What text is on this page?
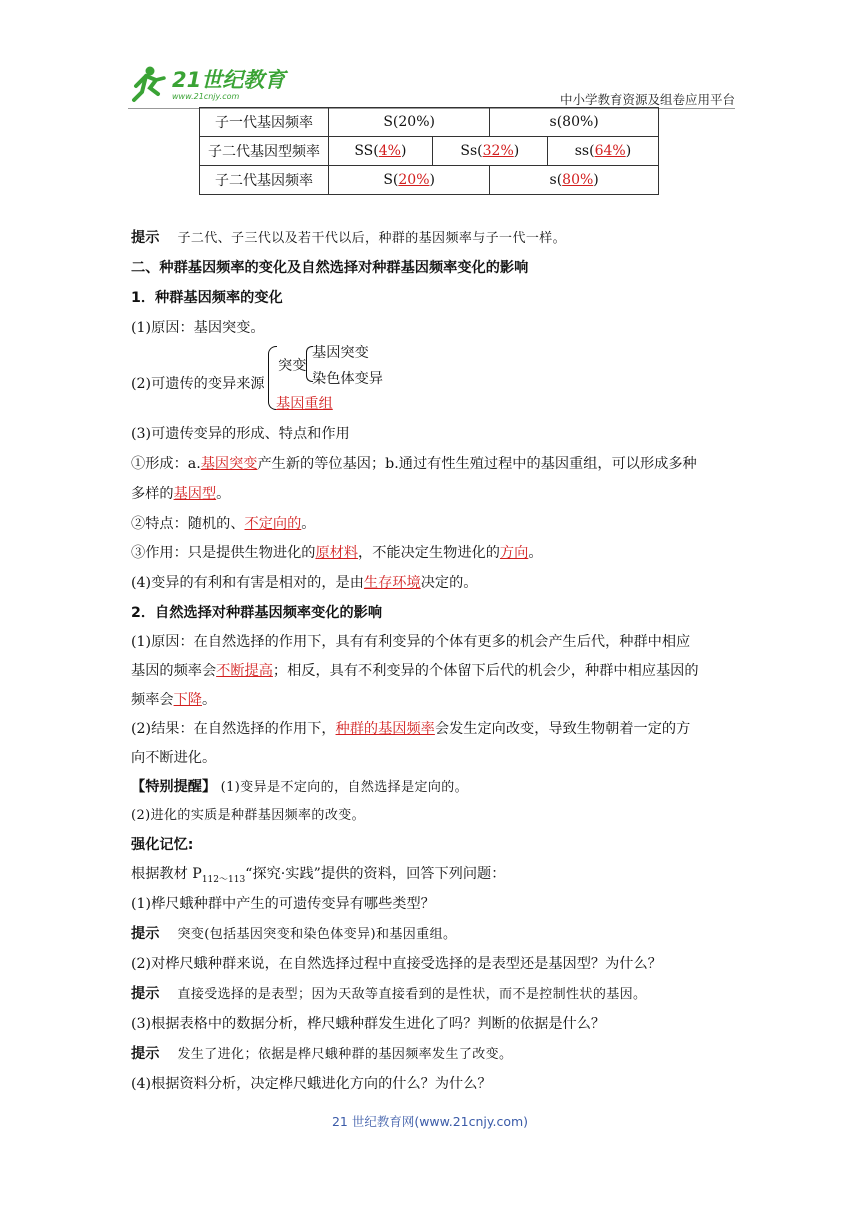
21世纪教育
www.21cnjy.com	中小学教育资源及组卷应用平台
子一代基因频率	S(20%)		s(80%)	
子二代基因型频率	SS(4%)	Ss(32%)		ss(64%)
子二代基因频率	S(20%)		s(80%)	
提示 子二代、子三代以及若干代以后，种群的基因频率与子一代一样。
二、种群基因频率的变化及自然选择对种群基因频率变化的影响
1．种群基因频率的变化
(1)原因：基因突变。
(2)可遗传的变异来源
突变
基因突变
染色体变异
基因重组
(3)可遗传变异的形成、特点和作用
①形成：a.基因突变产生新的等位基因；b.通过有性生殖过程中的基因重组，可以形成多种
多样的基因型。
②特点：随机的、不定向的。
③作用：只是提供生物进化的原材料，不能决定生物进化的方向。
(4)变异的有利和有害是相对的，是由生存环境决定的。
2．自然选择对种群基因频率变化的影响
(1)原因：在自然选择的作用下，具有有利变异的个体有更多的机会产生后代，种群中相应
基因的频率会不断提高；相反，具有不利变异的个体留下后代的机会少，种群中相应基因的
频率会下降。
(2)结果：在自然选择的作用下，种群的基因频率会发生定向改变，导致生物朝着一定的方
向不断进化。
【特别提醒】 (1)变异是不定向的，自然选择是定向的。
(2)进化的实质是种群基因频率的改变。
强化记忆:
根据教材 $P_{112\sim 113}“$探究·实践”提供的资料，回答下列问题：
(1)桦尺蛾种群中产生的可遗传变异有哪些类型？
提示 突变(包括基因突变和染色体变异)和基因重组。
(2)对桦尺蛾种群来说，在自然选择过程中直接受选择的是表型还是基因型？为什么？
提示 直接受选择的是表型；因为天敌等直接看到的是性状，而不是控制性状的基因。
(3)根据表格中的数据分析，桦尺蛾种群发生进化了吗？判断的依据是什么？
提示 发生了进化；依据是桦尺蛾种群的基因频率发生了改变。
(4)根据资料分析，决定桦尺蛾进化方向的什么？为什么？
21 世纪教育网(www.21cnjy.com)
